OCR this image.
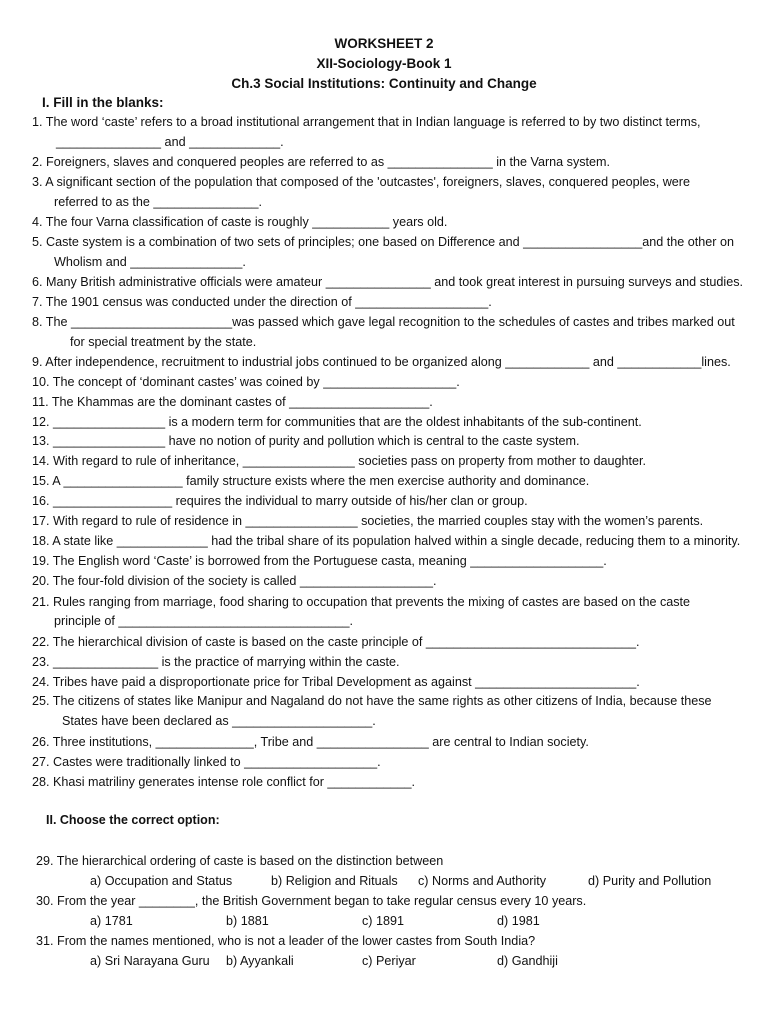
WORKSHEET 2
XII-Sociology-Book 1
Ch.3 Social Institutions: Continuity and Change
I. Fill in the blanks:
1. The word ‘caste’ refers to a broad institutional arrangement that in Indian language is referred to by two distinct terms,
_______________ and _____________.
2. Foreigners, slaves and conquered peoples are referred to as _______________ in the Varna system.
3. A significant section of the population that composed of the 'outcastes', foreigners, slaves, conquered peoples, were
referred to as the _______________.
4. The four Varna classification of caste is roughly ___________ years old.
5. Caste system is a combination of two sets of principles; one based on Difference and _________________and the other on
Wholism and ________________.
6. Many British administrative officials were amateur _______________ and took great interest in pursuing surveys and studies.
7. The 1901 census was conducted under the direction of ___________________.
8. The _______________________was passed which gave legal recognition to the schedules of castes and tribes marked out
for special treatment by the state.
9. After independence, recruitment to industrial jobs continued to be organized along ____________ and ____________lines.
10. The concept of ‘dominant castes’ was coined by ___________________.
11. The Khammas are the dominant castes of ____________________.
12. ________________ is a modern term for communities that are the oldest inhabitants of the sub-continent.
13. ________________ have no notion of purity and pollution which is central to the caste system.
14. With regard to rule of inheritance, ________________ societies pass on property from mother to daughter.
15. A _________________ family structure exists where the men exercise authority and dominance.
16. _________________ requires the individual to marry outside of his/her clan or group.
17. With regard to rule of residence in ________________ societies, the married couples stay with the women’s parents.
18. A state like _____________ had the tribal share of its population halved within a single decade, reducing them to a minority.
19. The English word ‘Caste’ is borrowed from the Portuguese casta, meaning ___________________.
20. The four-fold division of the society is called ___________________.
21. Rules ranging from marriage, food sharing to occupation that prevents the mixing of castes are based on the caste
principle of _________________________________.
22. The hierarchical division of caste is based on the caste principle of ______________________________.
23. _______________ is the practice of marrying within the caste.
24. Tribes have paid a disproportionate price for Tribal Development as against _______________________.
25. The citizens of states like Manipur and Nagaland do not have the same rights as other citizens of India, because these
States have been declared as ____________________.
26. Three institutions, ______________, Tribe and ________________ are central to Indian society.
27. Castes were traditionally linked to ___________________.
28. Khasi matriliny generates intense role conflict for ____________.
II. Choose the correct option:
29. The hierarchical ordering of caste is based on the distinction between
a) Occupation and Status	b) Religion and Rituals c) Norms and Authority	d) Purity and Pollution
30. From the year ________, the British Government began to take regular census every 10 years.
a) 1781	b) 1881	c) 1891	d) 1981
31. From the names mentioned, who is not a leader of the lower castes from South India?
a) Sri Narayana Guru b) Ayyankali	c) Periyar	d) Gandhiji
